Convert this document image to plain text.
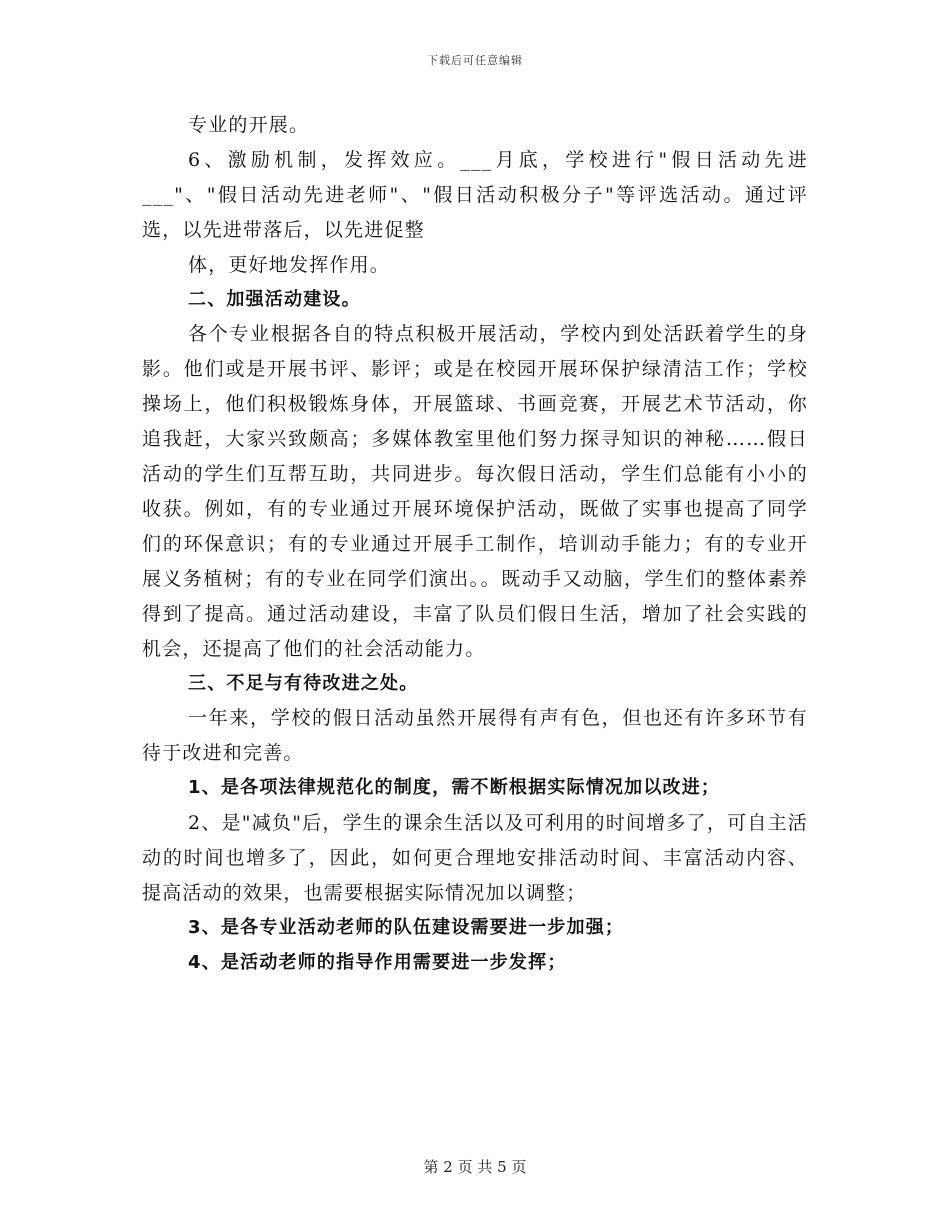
下载后可任意编辑

专业的开展。

6、激励机制，发挥效应。___月底，学校进行"假日活动先进___"、"假日活动先进老师"、"假日活动积极分子"等评选活动。通过评选，以先进带落后，以先进促整

体，更好地发挥作用。

二、加强活动建设。

各个专业根据各自的特点积极开展活动，学校内到处活跃着学生的身影。他们或是开展书评、影评；或是在校园开展环保护绿清洁工作；学校操场上，他们积极锻炼身体，开展篮球、书画竞赛，开展艺术节活动，你追我赶，大家兴致颇高；多媒体教室里他们努力探寻知识的神秘……假日活动的学生们互帮互助，共同进步。每次假日活动，学生们总能有小小的收获。例如，有的专业通过开展环境保护活动，既做了实事也提高了同学们的环保意识；有的专业通过开展手工制作，培训动手能力；有的专业开展义务植树；有的专业在同学们演出。。既动手又动脑，学生们的整体素养得到了提高。通过活动建设，丰富了队员们假日生活，增加了社会实践的机会，还提高了他们的社会活动能力。

三、不足与有待改进之处。

一年来，学校的假日活动虽然开展得有声有色，但也还有许多环节有待于改进和完善。

1、是各项法律规范化的制度，需不断根据实际情况加以改进；

2、是"减负"后，学生的课余生活以及可利用的时间增多了，可自主活动的时间也增多了，因此，如何更合理地安排活动时间、丰富活动内容、提高活动的效果，也需要根据实际情况加以调整；

3、是各专业活动老师的队伍建设需要进一步加强；

4、是活动老师的指导作用需要进一步发挥；

第 2 页 共 5 页
